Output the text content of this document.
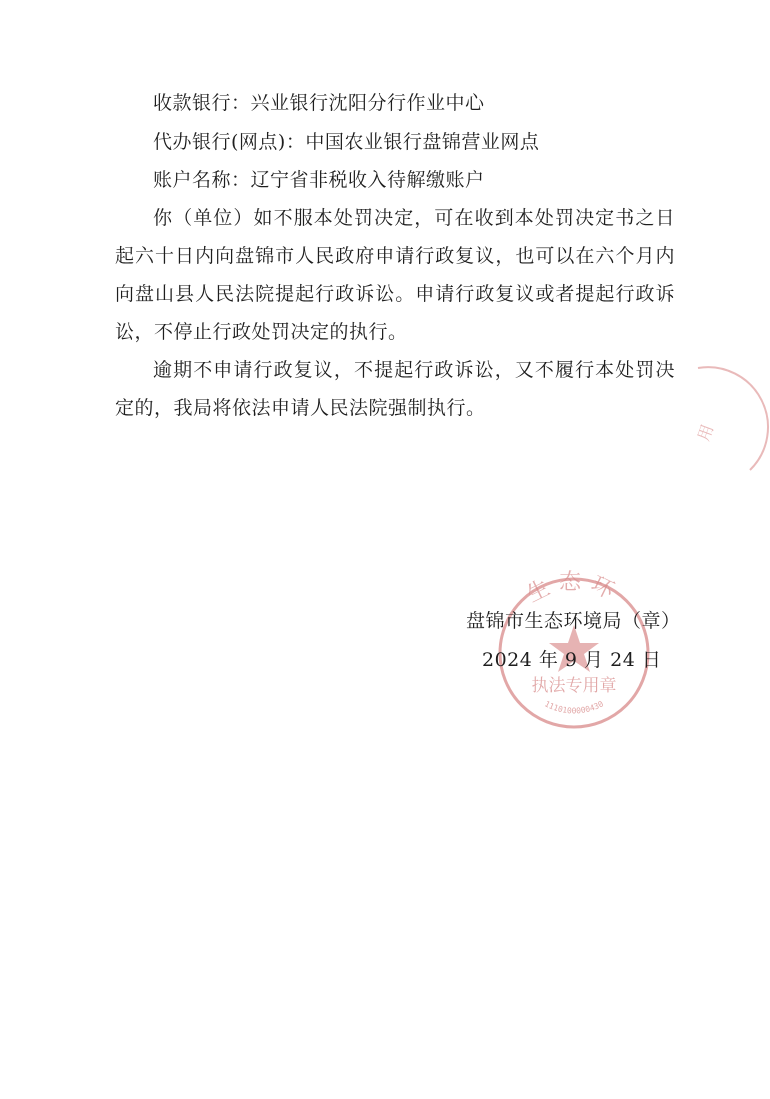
收款银行：兴业银行沈阳分行作业中心
代办银行(网点)：中国农业银行盘锦营业网点
账户名称：辽宁省非税收入待解缴账户
你（单位）如不服本处罚决定，可在收到本处罚决定书之日
起六十日内向盘锦市人民政府申请行政复议，也可以在六个月内
向盘山县人民法院提起行政诉讼。申请行政复议或者提起行政诉
讼，不停止行政处罚决定的执行。
逾期不申请行政复议，不提起行政诉讼，又不履行本处罚决
定的，我局将依法申请人民法院强制执行。
生态环
执法专用章
1110100000430
盘锦市生态环境局（章）
2024 年 9 月 24 日
用
